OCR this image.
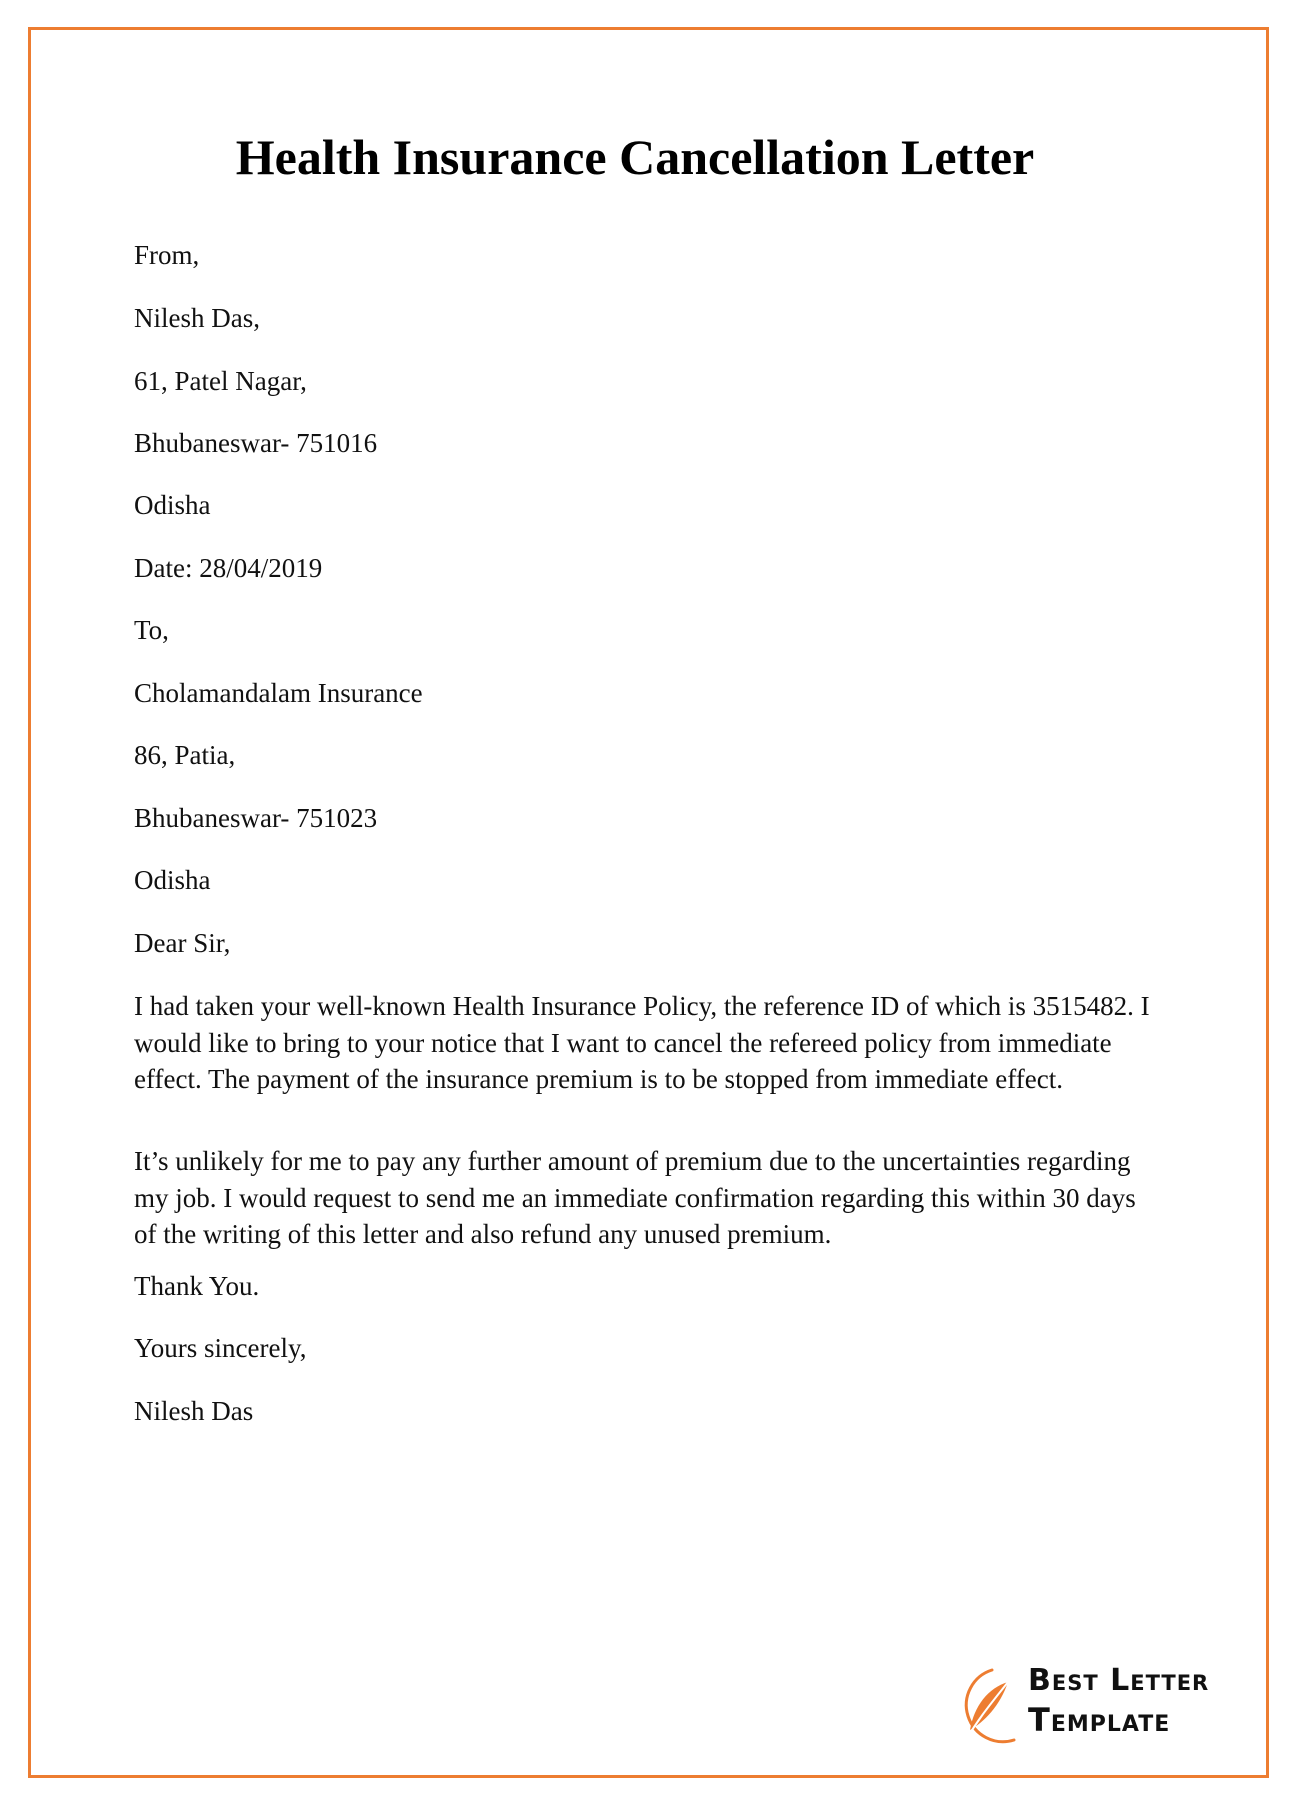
Health Insurance Cancellation Letter

From,

Nilesh Das,

61, Patel Nagar,

Bhubaneswar- 751016

Odisha

Date: 28/04/2019

To,

Cholamandalam Insurance

86, Patia,

Bhubaneswar- 751023

Odisha

Dear Sir,

I had taken your well-known Health Insurance Policy, the reference ID of which is 3515482. I would like to bring to your notice that I want to cancel the refereed policy from immediate effect. The payment of the insurance premium is to be stopped from immediate effect.

It’s unlikely for me to pay any further amount of premium due to the uncertainties regarding my job. I would request to send me an immediate confirmation regarding this within 30 days of the writing of this letter and also refund any unused premium.

Thank You.

Yours sincerely,

Nilesh Das

Best Letter
Template
